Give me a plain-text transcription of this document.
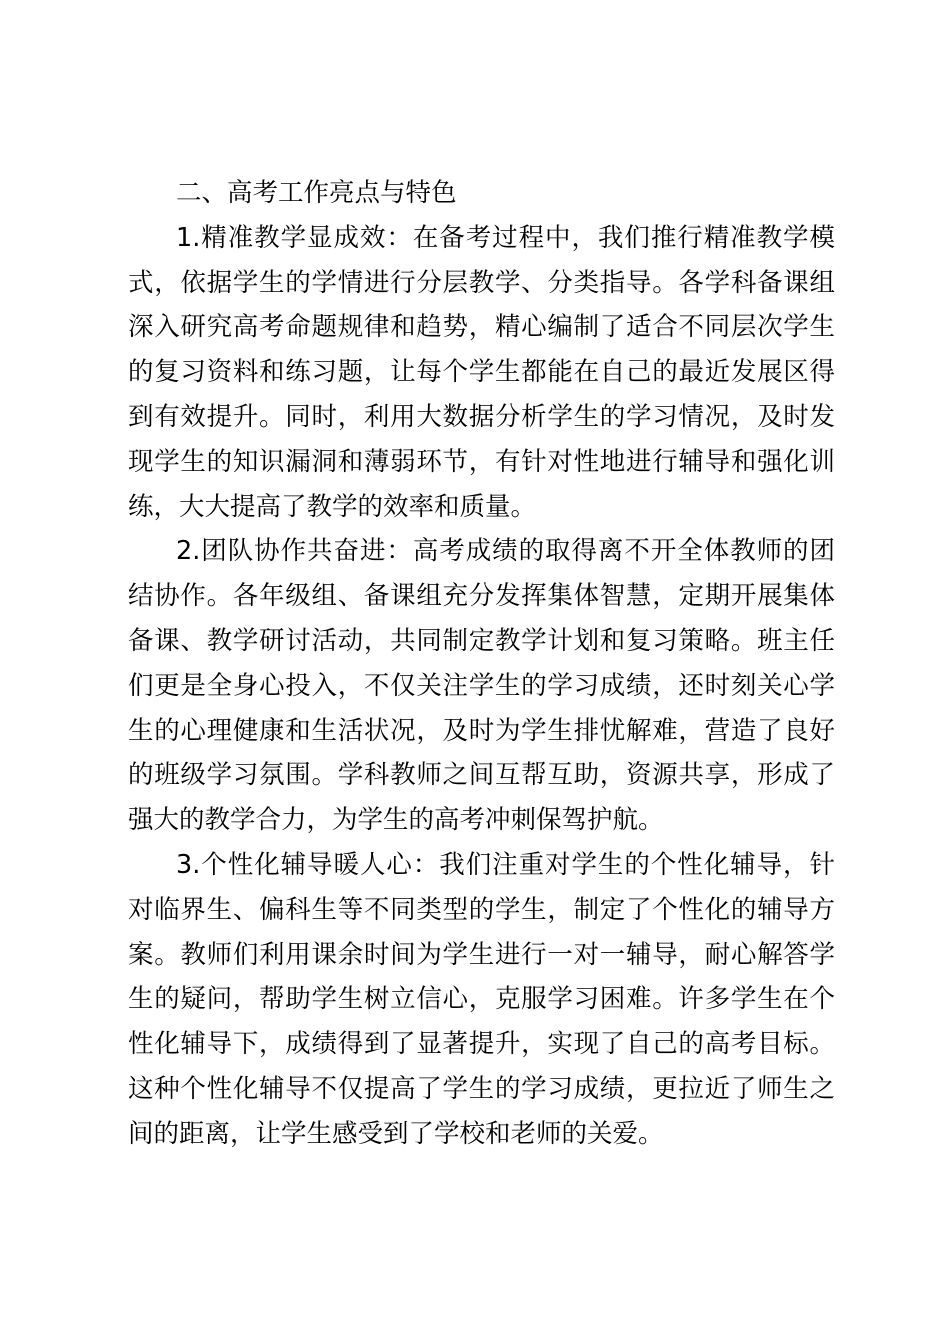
二、高考工作亮点与特色
1.精准教学显成效：在备考过程中，我们推行精准教学模
式，依据学生的学情进行分层教学、分类指导。各学科备课组
深入研究高考命题规律和趋势，精心编制了适合不同层次学生
的复习资料和练习题，让每个学生都能在自己的最近发展区得
到有效提升。同时，利用大数据分析学生的学习情况，及时发
现学生的知识漏洞和薄弱环节，有针对性地进行辅导和强化训
练，大大提高了教学的效率和质量。
2.团队协作共奋进：高考成绩的取得离不开全体教师的团
结协作。各年级组、备课组充分发挥集体智慧，定期开展集体
备课、教学研讨活动，共同制定教学计划和复习策略。班主任
们更是全身心投入，不仅关注学生的学习成绩，还时刻关心学
生的心理健康和生活状况，及时为学生排忧解难，营造了良好
的班级学习氛围。学科教师之间互帮互助，资源共享，形成了
强大的教学合力，为学生的高考冲刺保驾护航。
3.个性化辅导暖人心：我们注重对学生的个性化辅导，针
对临界生、偏科生等不同类型的学生，制定了个性化的辅导方
案。教师们利用课余时间为学生进行一对一辅导，耐心解答学
生的疑问，帮助学生树立信心，克服学习困难。许多学生在个
性化辅导下，成绩得到了显著提升，实现了自己的高考目标。
这种个性化辅导不仅提高了学生的学习成绩，更拉近了师生之
间的距离，让学生感受到了学校和老师的关爱。
